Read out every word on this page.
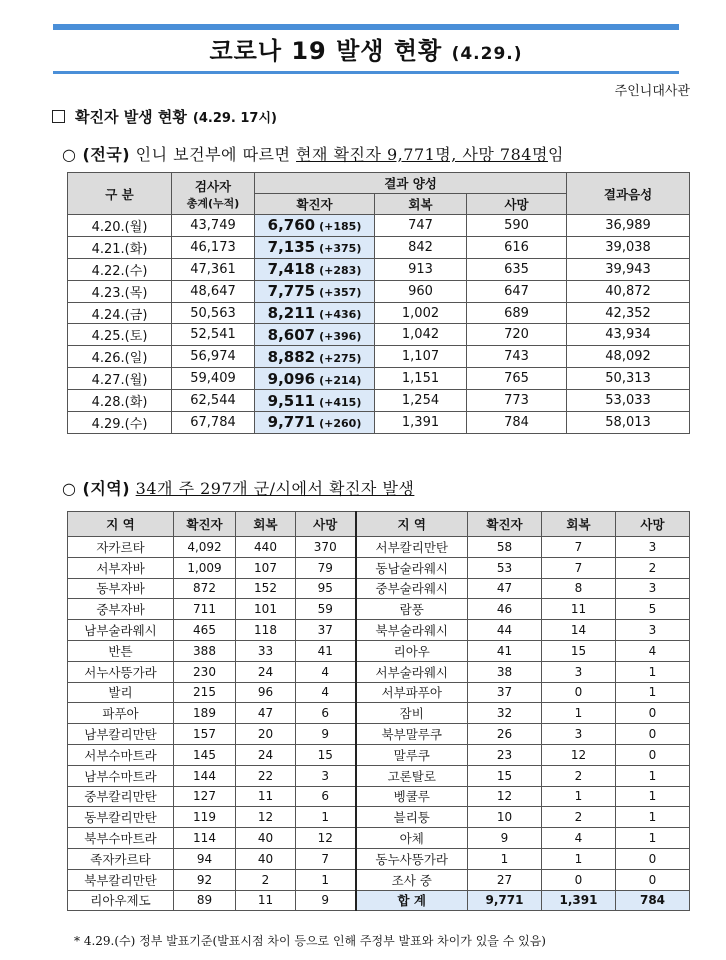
코로나 19 발생 현황 (4.29.)
주인니대사관
확진자 발생 현황 (4.29. 17시)
○ (전국) 인니 보건부에 따르면 현재 확진자 9,771명, 사망 784명임
구 분	검사자
총계(누적)	결과 양성			결과음성
		확진자	회복	사망	
4.20.(월)	43,749	6,760 (+185)	747	590	36,989
4.21.(화)	46,173	7,135 (+375)	842	616	39,038
4.22.(수)	47,361	7,418 (+283)	913	635	39,943
4.23.(목)	48,647	7,775 (+357)	960	647	40,872
4.24.(금)	50,563	8,211 (+436)	1,002	689	42,352
4.25.(토)	52,541	8,607 (+396)	1,042	720	43,934
4.26.(일)	56,974	8,882 (+275)	1,107	743	48,092
4.27.(월)	59,409	9,096 (+214)	1,151	765	50,313
4.28.(화)	62,544	9,511 (+415)	1,254	773	53,033
4.29.(수)	67,784	9,771 (+260)	1,391	784	58,013
○ (지역) 34개 주 297개 군/시에서 확진자 발생
지 역	확진자	회복	사망	지 역	확진자	회복	사망
자카르타	4,092	440	370	서부칼리만탄	58	7	3
서부자바	1,009	107	79	동남술라웨시	53	7	2
동부자바	872	152	95	중부술라웨시	47	8	3
중부자바	711	101	59	람풍	46	11	5
남부술라웨시	465	118	37	북부술라웨시	44	14	3
반튼	388	33	41	리아우	41	15	4
서누사뜽가라	230	24	4	서부술라웨시	38	3	1
발리	215	96	4	서부파푸아	37	0	1
파푸아	189	47	6	잠비	32	1	0
남부칼리만탄	157	20	9	북부말루쿠	26	3	0
서부수마트라	145	24	15	말루쿠	23	12	0
남부수마트라	144	22	3	고론탈로	15	2	1
중부칼리만탄	127	11	6	벵쿨루	12	1	1
동부칼리만탄	119	12	1	블리퉁	10	2	1
북부수마트라	114	40	12	아체	9	4	1
족자카르타	94	40	7	동누사뜽가라	1	1	0
북부칼리만탄	92	2	1	조사 중	27	0	0
리아우제도	89	11	9	합 계	9,771	1,391	784
* 4.29.(수) 정부 발표기준(발표시점 차이 등으로 인해 주정부 발표와 차이가 있을 수 있음)
